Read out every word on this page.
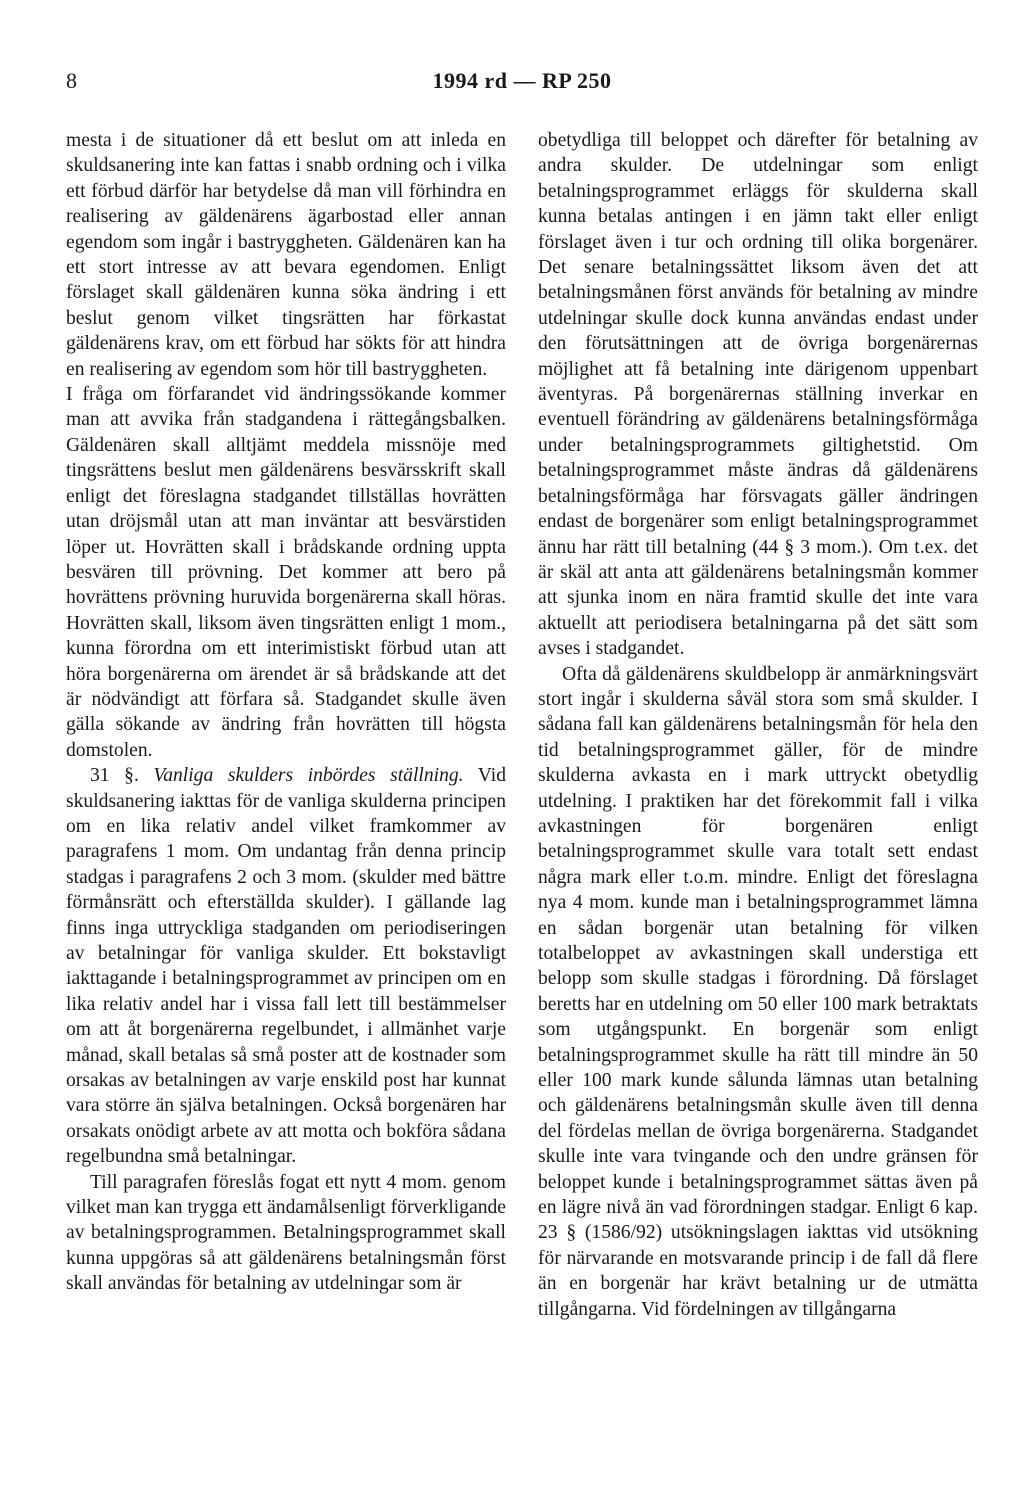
8	1994 rd — RP 250

mesta i de situationer då ett beslut om att inleda en skuldsanering inte kan fattas i snabb ordning och i vilka ett förbud därför har betydelse då man vill förhindra en realisering av gäldenärens ägarbostad eller annan egendom som ingår i bastryggheten. Gäldenären kan ha ett stort intresse av att bevara egendomen. Enligt förslaget skall gäldenären kunna söka ändring i ett beslut genom vilket tingsrätten har förkastat gäldenärens krav, om ett förbud har sökts för att hindra en realisering av egendom som hör till bastryggheten.

I fråga om förfarandet vid ändringssökande kommer man att avvika från stadgandena i rättegångsbalken. Gäldenären skall alltjämt meddela missnöje med tingsrättens beslut men gäldenärens besvärsskrift skall enligt det föreslagna stadgandet tillställas hovrätten utan dröjsmål utan att man inväntar att besvärstiden löper ut. Hovrätten skall i brådskande ordning uppta besvären till prövning. Det kommer att bero på hovrättens prövning huruvida borgenärerna skall höras. Hovrätten skall, liksom även tingsrätten enligt 1 mom., kunna förordna om ett interimistiskt förbud utan att höra borgenärerna om ärendet är så brådskande att det är nödvändigt att förfara så. Stadgandet skulle även gälla sökande av ändring från hovrätten till högsta domstolen.

31 §. Vanliga skulders inbördes ställning. Vid skuldsanering iakttas för de vanliga skulderna principen om en lika relativ andel vilket framkommer av paragrafens 1 mom. Om undantag från denna princip stadgas i paragrafens 2 och 3 mom. (skulder med bättre förmånsrätt och efterställda skulder). I gällande lag finns inga uttryckliga stadganden om periodiseringen av betalningar för vanliga skulder. Ett bokstavligt iakttagande i betalningsprogrammet av principen om en lika relativ andel har i vissa fall lett till bestämmelser om att åt borgenärerna regelbundet, i allmänhet varje månad, skall betalas så små poster att de kostnader som orsakas av betalningen av varje enskild post har kunnat vara större än själva betalningen. Också borgenären har orsakats onödigt arbete av att motta och bokföra sådana regelbundna små betalningar.

Till paragrafen föreslås fogat ett nytt 4 mom. genom vilket man kan trygga ett ändamålsenligt förverkligande av betalningsprogrammen. Betalningsprogrammet skall kunna uppgöras så att gäldenärens betalningsmån först skall användas för betalning av utdelningar som är

obetydliga till beloppet och därefter för betalning av andra skulder. De utdelningar som enligt betalningsprogrammet erläggs för skulderna skall kunna betalas antingen i en jämn takt eller enligt förslaget även i tur och ordning till olika borgenärer. Det senare betalningssättet liksom även det att betalningsmånen först används för betalning av mindre utdelningar skulle dock kunna användas endast under den förutsättningen att de övriga borgenärernas möjlighet att få betalning inte därigenom uppenbart äventyras. På borgenärernas ställning inverkar en eventuell förändring av gäldenärens betalningsförmåga under betalningsprogrammets giltighetstid. Om betalningsprogrammet måste ändras då gäldenärens betalningsförmåga har försvagats gäller ändringen endast de borgenärer som enligt betalningsprogrammet ännu har rätt till betalning (44 § 3 mom.). Om t.ex. det är skäl att anta att gäldenärens betalningsmån kommer att sjunka inom en nära framtid skulle det inte vara aktuellt att periodisera betalningarna på det sätt som avses i stadgandet.

Ofta då gäldenärens skuldbelopp är anmärkningsvärt stort ingår i skulderna såväl stora som små skulder. I sådana fall kan gäldenärens betalningsmån för hela den tid betalningsprogrammet gäller, för de mindre skulderna avkasta en i mark uttryckt obetydlig utdelning. I praktiken har det förekommit fall i vilka avkastningen för borgenären enligt betalningsprogrammet skulle vara totalt sett endast några mark eller t.o.m. mindre. Enligt det föreslagna nya 4 mom. kunde man i betalningsprogrammet lämna en sådan borgenär utan betalning för vilken totalbeloppet av avkastningen skall understiga ett belopp som skulle stadgas i förordning. Då förslaget beretts har en utdelning om 50 eller 100 mark betraktats som utgångspunkt. En borgenär som enligt betalningsprogrammet skulle ha rätt till mindre än 50 eller 100 mark kunde sålunda lämnas utan betalning och gäldenärens betalningsmån skulle även till denna del fördelas mellan de övriga borgenärerna. Stadgandet skulle inte vara tvingande och den undre gränsen för beloppet kunde i betalningsprogrammet sättas även på en lägre nivå än vad förordningen stadgar. Enligt 6 kap. 23 § (1586/92) utsökningslagen iakttas vid utsökning för närvarande en motsvarande princip i de fall då flere än en borgenär har krävt betalning ur de utmätta tillgångarna. Vid fördelningen av tillgångarna
